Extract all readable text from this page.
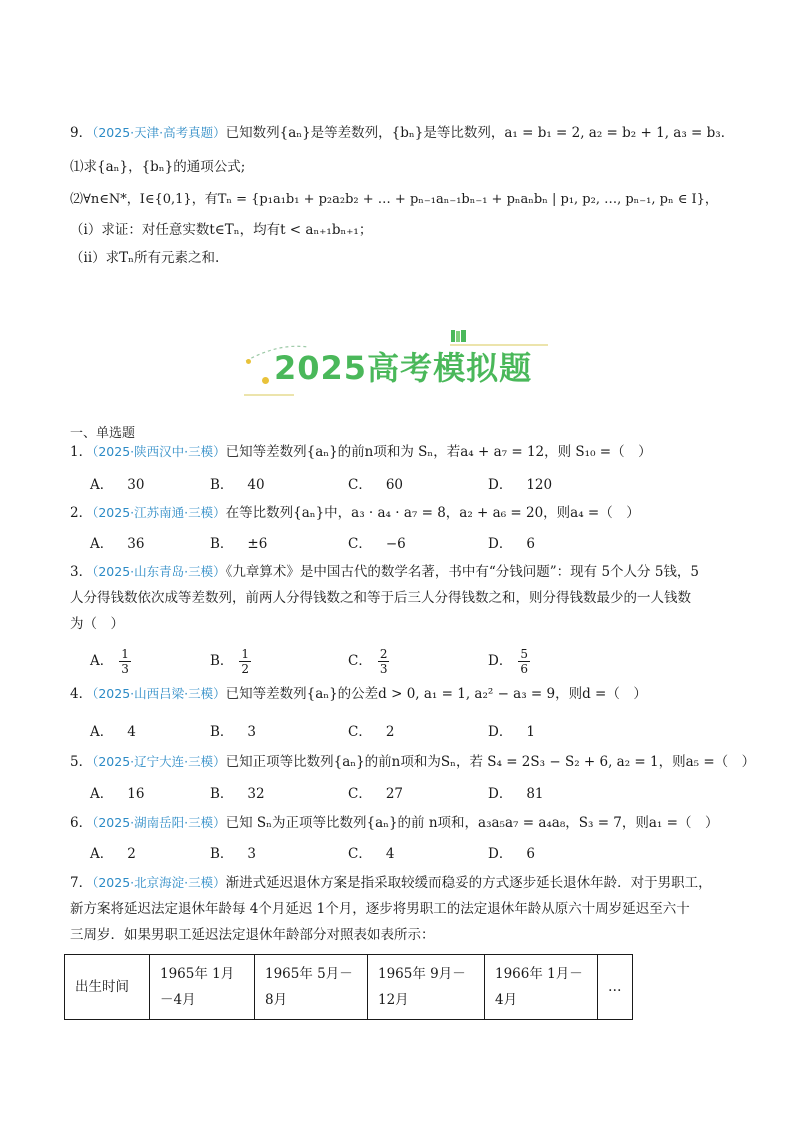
9．（2025·天津·高考真题）已知数列{aₙ}是等差数列，{bₙ}是等比数列，a₁ = b₁ = 2, a₂ = b₂ + 1, a₃ = b₃．
⑴求{aₙ}，{bₙ}的通项公式;
⑵∀n∈N*，I∈{0,1}，有Tₙ = {p₁a₁b₁ + p₂a₂b₂ + … + pₙ₋₁aₙ₋₁bₙ₋₁ + pₙaₙbₙ | p₁, p₂, …, pₙ₋₁, pₙ ∈ I}，
（i）求证：对任意实数t∈Tₙ，均有t < aₙ₊₁bₙ₊₁；
（ii）求Tₙ所有元素之和.
2025高考模拟题
一、单选题
1．（2025·陕西汉中·三模）已知等差数列{aₙ}的前n项和为 Sₙ，若a₄ + a₇ = 12，则 S₁₀ =（　）
A． 30	B． 40	C． 60	D． 120
2．（2025·江苏南通·三模）在等比数列{aₙ}中，a₃ · a₄ · a₇ = 8，a₂ + a₆ = 20，则a₄ =（　）
A． 36	B． ±6	C． −6	D． 6
3．（2025·山东青岛·三模）《九章算术》是中国古代的数学名著，书中有“分钱问题”：现有 5个人分 5钱，5
人分得钱数依次成等差数列，前两人分得钱数之和等于后三人分得钱数之和，则分得钱数最少的一人钱数
为（　）
A． $\frac{1}{3}$	B． $\frac{1}{2}$	C． $\frac{2}{3}$	D． $\frac{5}{6}$
4．（2025·山西吕梁·三模）已知等差数列{aₙ}的公差d > 0, a₁ = 1, a₂² − a₃ = 9，则d =（　）
A． 4	B． 3	C． 2	D． 1
5．（2025·辽宁大连·三模）已知正项等比数列{aₙ}的前n项和为Sₙ，若 S₄ = 2S₃ − S₂ + 6, a₂ = 1，则a₅ =（　）
A． 16	B． 32	C． 27	D． 81
6．（2025·湖南岳阳·三模）已知 Sₙ为正项等比数列{aₙ}的前 n项和，a₃a₅a₇ = a₄a₈，S₃ = 7，则a₁ =（　）
A． 2	B． 3	C． 4	D． 6
7．（2025·北京海淀·三模）渐进式延迟退休方案是指采取较缓而稳妥的方式逐步延长退休年龄．对于男职工，
新方案将延迟法定退休年龄每 4个月延迟 1个月，逐步将男职工的法定退休年龄从原六十周岁延迟至六十
三周岁．如果男职工延迟法定退休年龄部分对照表如表所示：
出生时间	1965年 1月－4月	1965年 5月－8月	1965年 9月－12月	1966年 1月－4月	…
